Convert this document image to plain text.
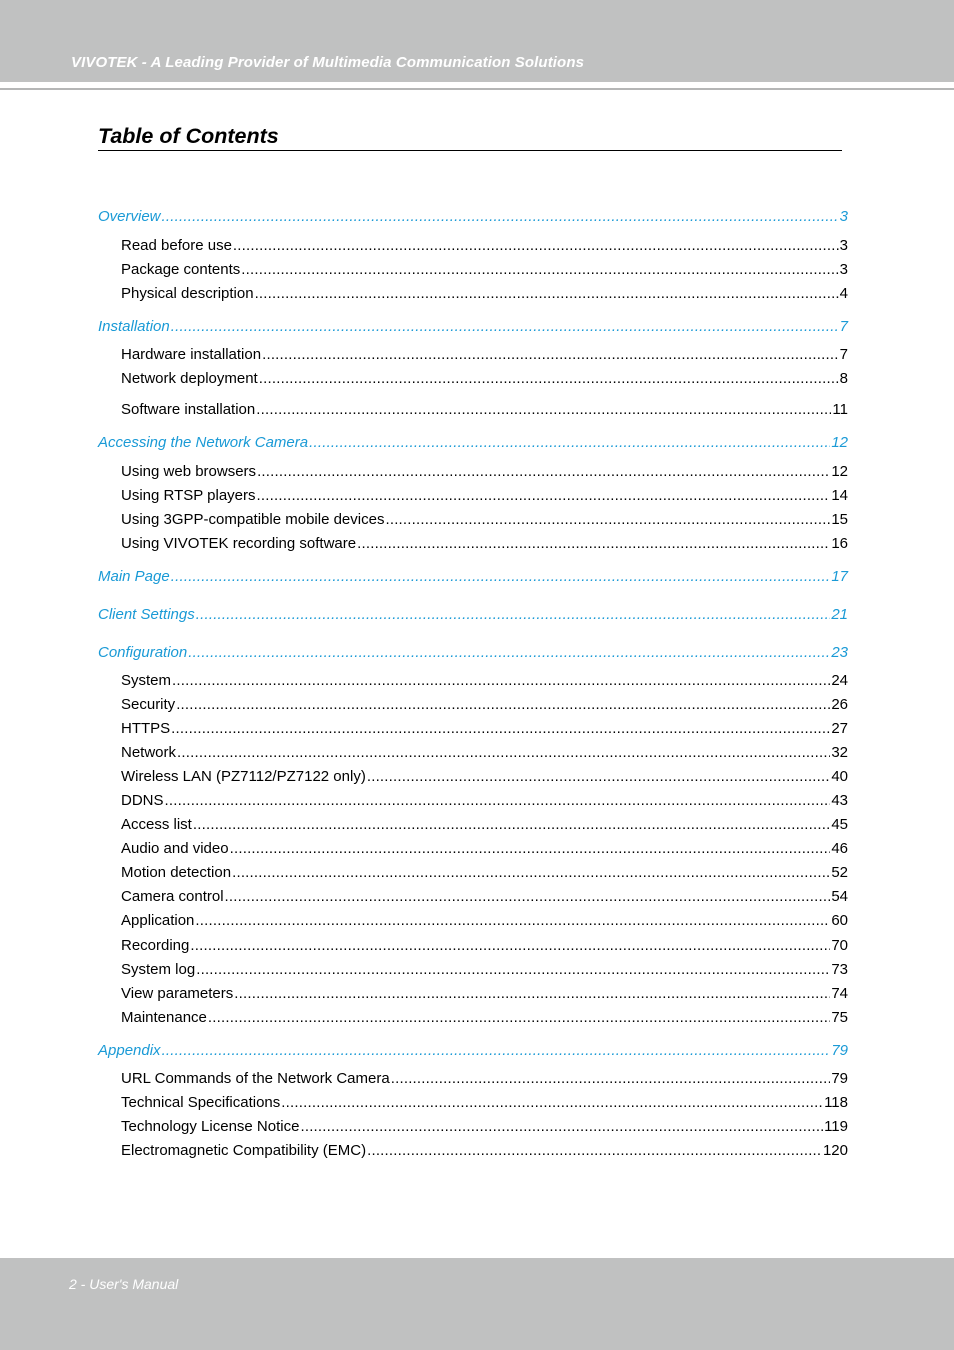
VIVOTEK - A Leading Provider of Multimedia Communication Solutions
Table of Contents
Overview .....	3
Read before use .....	3
Package contents .....	3
Physical description .....	4
Installation .....	7
Hardware installation .....	7
Network deployment .....	8
Software installation .....	11
Accessing the Network Camera .....	12
Using web browsers .....	12
Using RTSP players .....	14
Using 3GPP-compatible mobile devices .....	15
Using VIVOTEK recording software .....	16
Main Page .....	17
Client Settings .....	21
Configuration .....	23
System .....	24
Security .....	26
HTTPS .....	27
Network .....	32
Wireless LAN (PZ7112/PZ7122 only) .....	40
DDNS .....	43
Access list .....	45
Audio and video .....	46
Motion detection .....	52
Camera control .....	54
Application .....	60
Recording .....	70
System log .....	73
View parameters .....	74
Maintenance .....	75
Appendix .....	79
URL Commands of the Network Camera .....	79
Technical Specifications .....	118
Technology License Notice .....	119
Electromagnetic Compatibility (EMC) .....	120
2 - User's Manual
